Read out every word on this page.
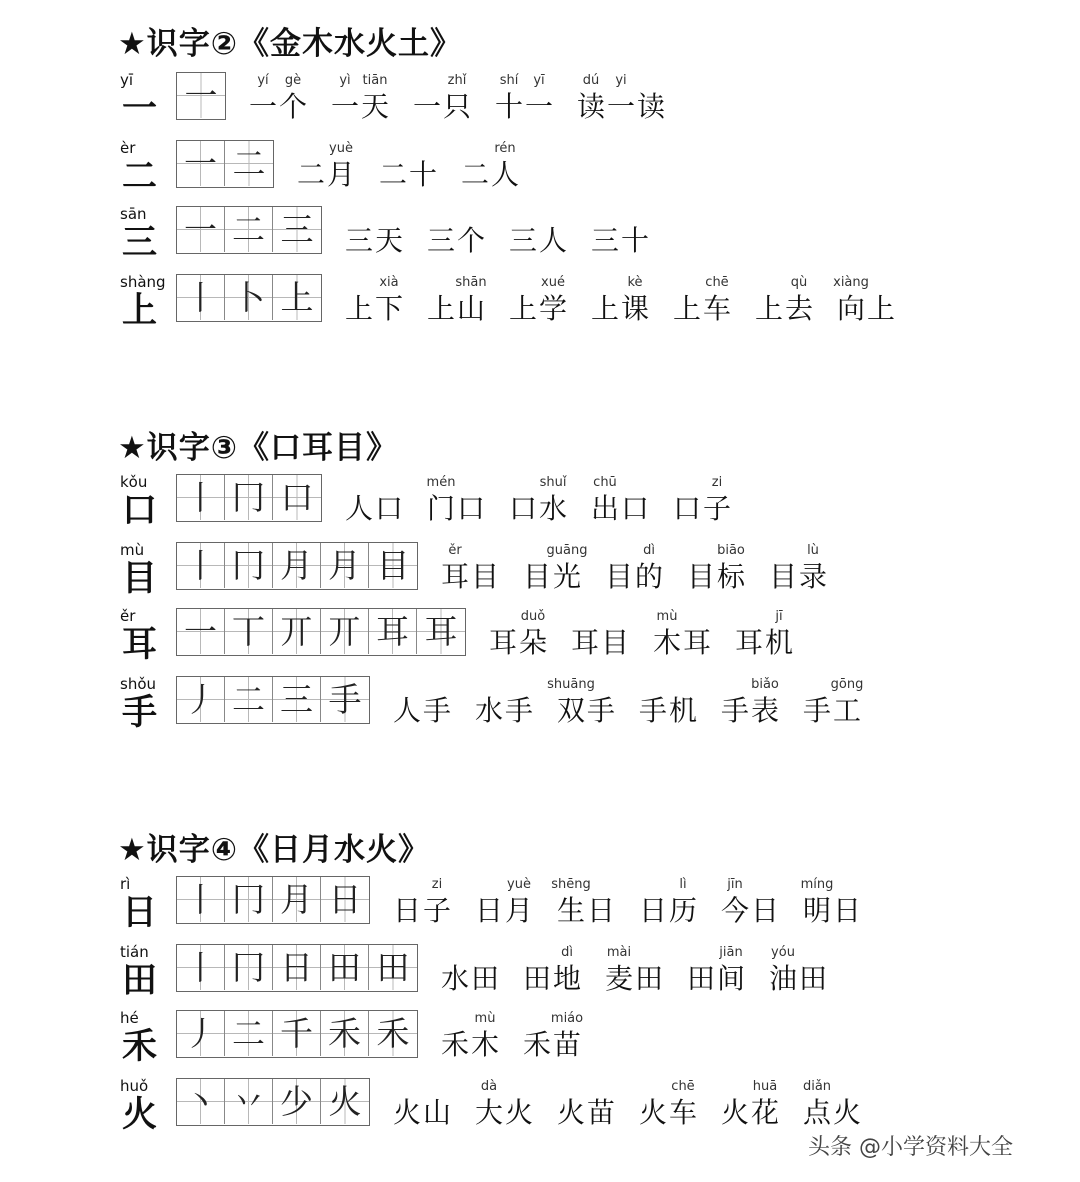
★识字②《金木水火土》
yī
一 一	yí
一
gè
个
yì
一
tiān
天 一
zhǐ
只
shí
十
yī
一
dú
读
yi
一 读
èr
二 一 二 二
yuè
月 二 十 二
rén
人
sān
三 一 二 三 三 天 三 个 三 人 三 十
shàng
上 丨 卜 上 上
xià
下 上
shān
山 上
xué
学 上
kè
课 上
chē
车 上
qù
去
xiàng
向 上
★识字③《口耳目》
kǒu
口 丨 冂 口 人 口
mén
门 口 口
shuǐ
水
chū
出 口 口
zi
子
mù
目 丨 冂 月 月 目	ěr
耳 目 目
guāng
光 目
dì
的 目
biāo
标 目
lù
录
ěr
耳 一 丅 丌 丌 耳 耳 耳
duǒ
朵 耳 目
mù
木 耳 耳
jī
机
shǒu
手 丿 二 三 手 人 手 水 手
shuāng
双 手 手 机 手
biǎo
表 手
gōng
工
★识字④《日月水火》
rì
日 丨 冂 月 日 日
zi
子 日
yuè
月
shēng
生 日 日
lì
历
jīn
今 日
míng
明 日
tián
田 丨 冂 日 田 田 水 田 田
dì
地
mài
麦 田 田
jiān
间
yóu
油 田
hé
禾 丿 二 千 禾 禾 禾
mù
木 禾
miáo
苗
huǒ
火 丶 丷 少 火 火 山
dà
大 火 火 苗 火
chē
车 火
huā
花
diǎn
点 火
头条 @小学资料大全
